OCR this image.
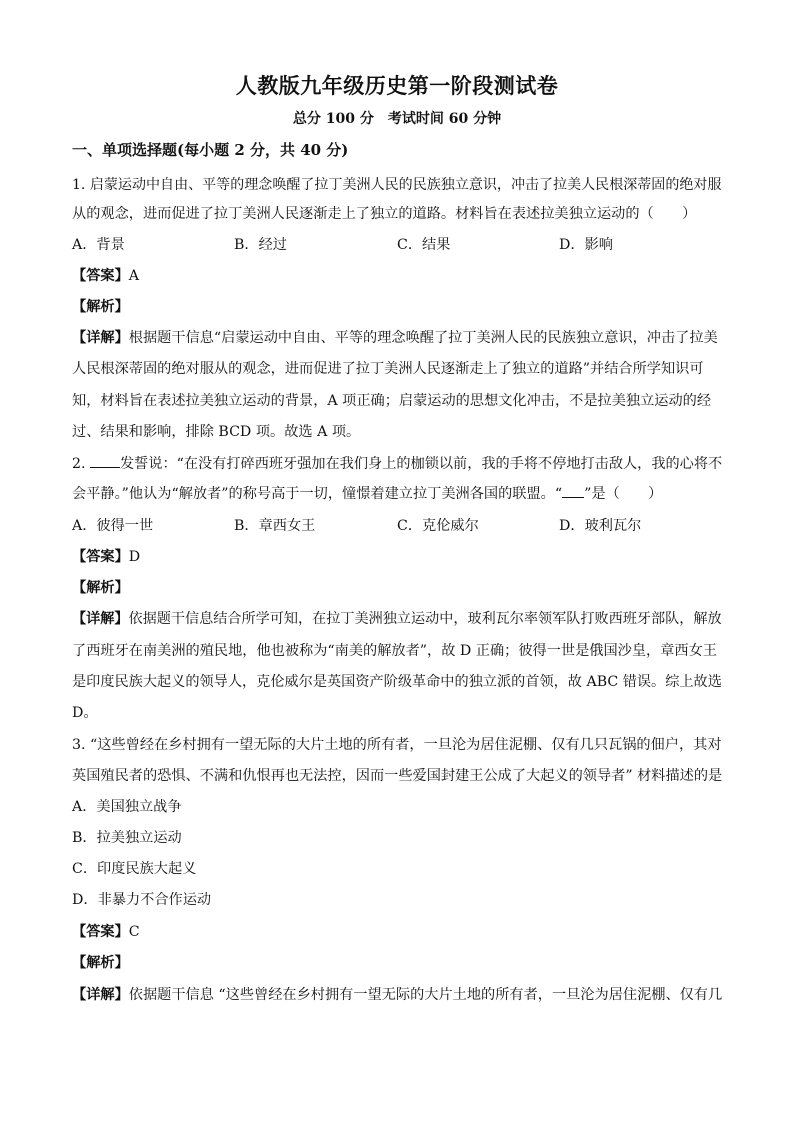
人教版九年级历史第一阶段测试卷
总分 100 分　考试时间 60 分钟
一、单项选择题(每小题 2 分，共 40 分)
1. 启蒙运动中自由、平等的理念唤醒了拉丁美洲人民的民族独立意识，冲击了拉美人民根深蒂固的绝对服
从的观念，进而促进了拉丁美洲人民逐渐走上了独立的道路。材料旨在表述拉美独立运动的（　　）
A．背景	B．经过	C．结果	D．影响
【答案】A
【解析】
【详解】根据题干信息“启蒙运动中自由、平等的理念唤醒了拉丁美洲人民的民族独立意识，冲击了拉美
人民根深蒂固的绝对服从的观念，进而促进了拉丁美洲人民逐渐走上了独立的道路”并结合所学知识可
知，材料旨在表述拉美独立运动的背景，A 项正确；启蒙运动的思想文化冲击，不是拉美独立运动的经
过、结果和影响，排除 BCD 项。故选 A 项。
2. 发誓说：“在没有打碎西班牙强加在我们身上的枷锁以前，我的手将不停地打击敌人，我的心将不
会平静。”他认为“解放者”的称号高于一切，憧憬着建立拉丁美洲各国的联盟。“ ”是（　　）
A．彼得一世	B．章西女王	C．克伦威尔	D．玻利瓦尔
【答案】D
【解析】
【详解】依据题干信息结合所学可知，在拉丁美洲独立运动中，玻利瓦尔率领军队打败西班牙部队，解放
了西班牙在南美洲的殖民地，他也被称为“南美的解放者”，故 D 正确；彼得一世是俄国沙皇，章西女王
是印度民族大起义的领导人，克伦威尔是英国资产阶级革命中的独立派的首领，故 ABC 错误。综上故选
D。
3. “这些曾经在乡村拥有一望无际的大片土地的所有者，一旦沦为居住泥棚、仅有几只瓦锅的佃户，其对
英国殖民者的恐惧、不满和仇恨再也无法控，因而一些爱国封建王公成了大起义的领导者” 材料描述的是
A．美国独立战争
B．拉美独立运动
C．印度民族大起义
D．非暴力不合作运动
【答案】C
【解析】
【详解】依据题干信息 “这些曾经在乡村拥有一望无际的大片土地的所有者，一旦沦为居住泥棚、仅有几
